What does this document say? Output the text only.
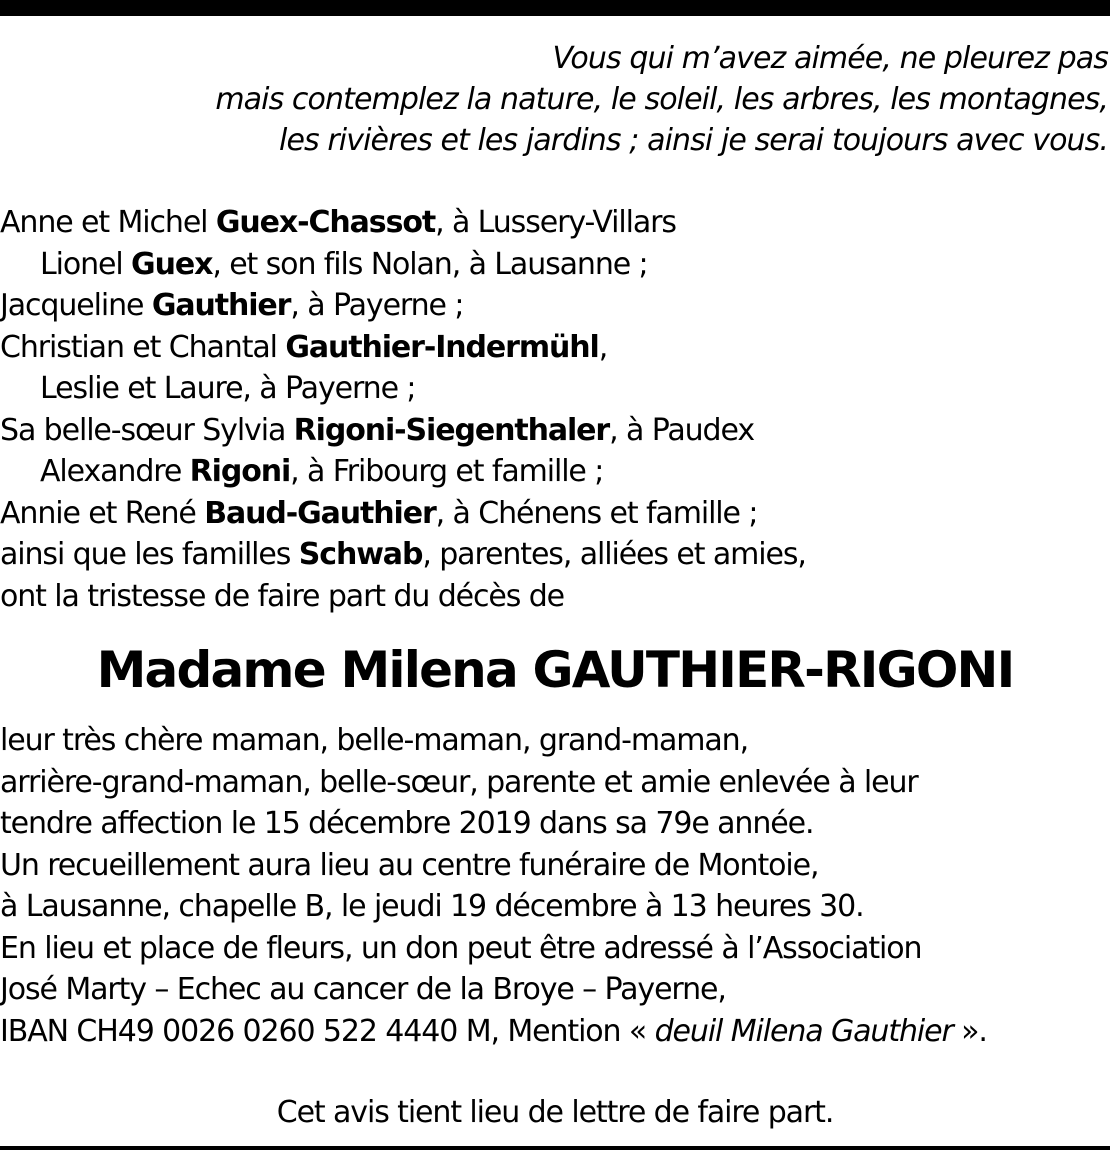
Vous qui m’avez aimée, ne pleurez pas
mais contemplez la nature, le soleil, les arbres, les montagnes,
les rivières et les jardins ; ainsi je serai toujours avec vous.
Anne et Michel Guex-Chassot, à Lussery-Villars
Lionel Guex, et son fils Nolan, à Lausanne ;
Jacqueline Gauthier, à Payerne ;
Christian et Chantal Gauthier-Indermühl,
Leslie et Laure, à Payerne ;
Sa belle-sœur Sylvia Rigoni-Siegenthaler, à Paudex
Alexandre Rigoni, à Fribourg et famille ;
Annie et René Baud-Gauthier, à Chénens et famille ;
ainsi que les familles Schwab, parentes, alliées et amies,
ont la tristesse de faire part du décès de
Madame Milena GAUTHIER-RIGONI
leur très chère maman, belle-maman, grand-maman,
arrière-grand-maman, belle-sœur, parente et amie enlevée à leur
tendre affection le 15 décembre 2019 dans sa 79e année.
Un recueillement aura lieu au centre funéraire de Montoie,
à Lausanne, chapelle B, le jeudi 19 décembre à 13 heures 30.
En lieu et place de fleurs, un don peut être adressé à l’Association
José Marty – Echec au cancer de la Broye – Payerne,
IBAN CH49 0026 0260 522 4440 M, Mention « deuil Milena Gauthier ».
Cet avis tient lieu de lettre de faire part.
